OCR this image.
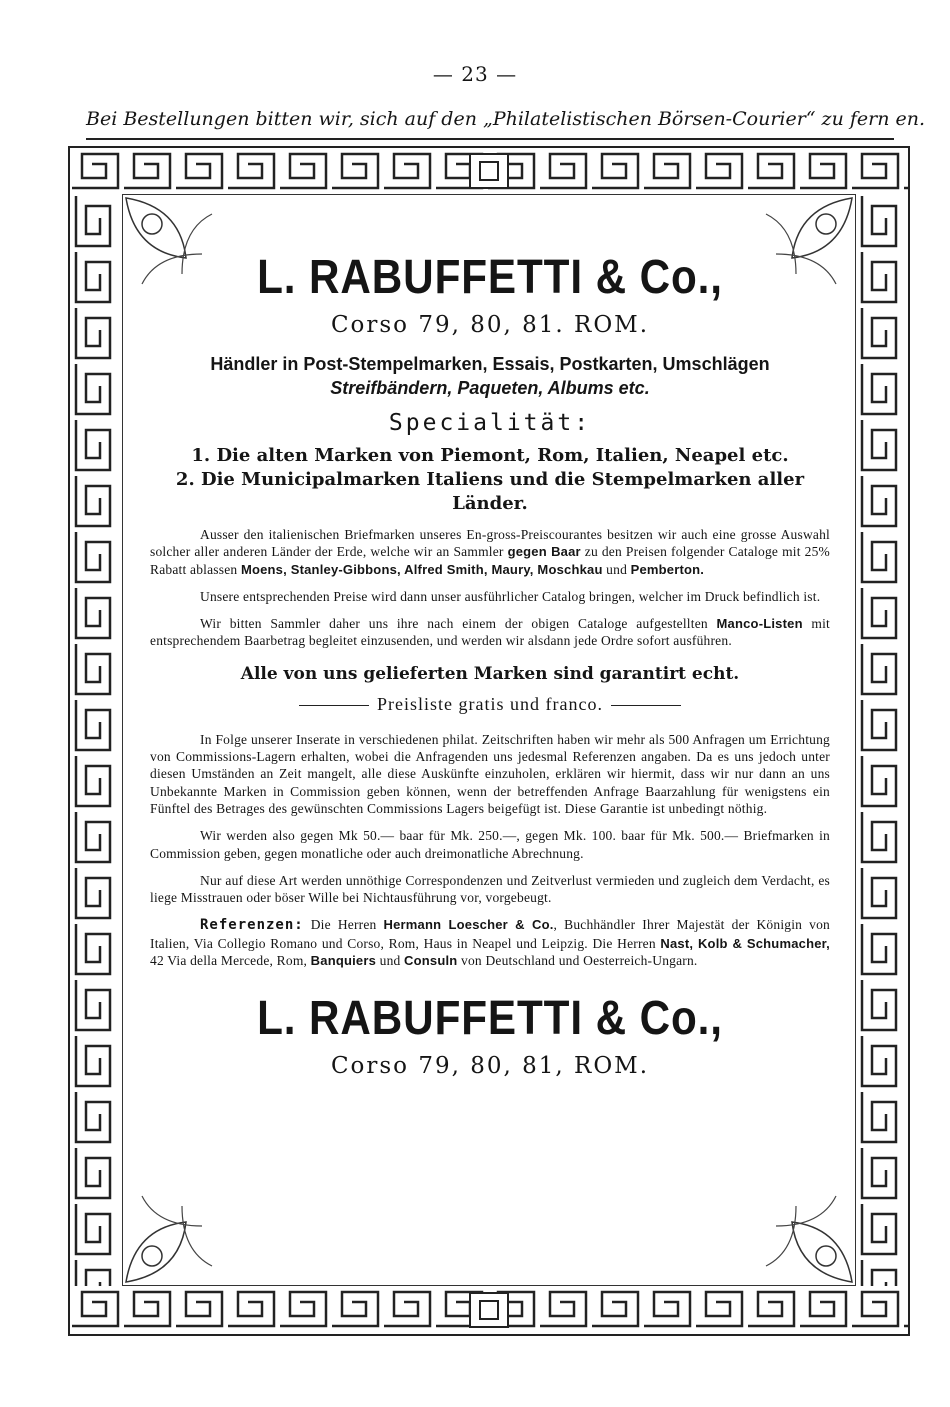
— 23 —
Bei Bestellungen bitten wir, sich auf den „Philatelistischen Börsen-Courier“ zu fern en.
L. RABUFFETTI & Co.,
Corso 79, 80, 81. ROM.
Händler in Post-Stempelmarken, Essais, Postkarten, Umschlägen
Streifbändern, Paqueten, Albums etc.
Specialität:
1. Die alten Marken von Piemont, Rom, Italien, Neapel etc.
2. Die Municipalmarken Italiens und die Stempelmarken aller Länder.

Ausser den italienischen Briefmarken unseres En-gross-Preiscourantes besitzen wir auch eine grosse Auswahl solcher aller anderen Länder der Erde, welche wir an Sammler gegen Baar zu den Preisen folgender Cataloge mit 25% Rabatt ablassen Moens, Stanley-Gibbons, Alfred Smith, Maury, Moschkau und Pemberton.

Unsere entsprechenden Preise wird dann unser ausführlicher Catalog bringen, welcher im Druck befindlich ist.

Wir bitten Sammler daher uns ihre nach einem der obigen Cataloge aufgestellten Manco-Listen mit entsprechendem Baarbetrag begleitet einzusenden, und werden wir alsdann jede Ordre sofort ausführen.

Alle von uns gelieferten Marken sind garantirt echt.
Preisliste gratis und franco.

In Folge unserer Inserate in verschiedenen philat. Zeitschriften haben wir mehr als 500 Anfragen um Errichtung von Commissions-Lagern erhalten, wobei die Anfragenden uns jedesmal Referenzen angaben. Da es uns jedoch unter diesen Umständen an Zeit mangelt, alle diese Auskünfte einzuholen, erklären wir hiermit, dass wir nur dann an uns Unbekannte Marken in Commission geben können, wenn der betreffenden Anfrage Baarzahlung für wenigstens ein Fünftel des Betrages des gewünschten Commissions Lagers beigefügt ist. Diese Garantie ist unbedingt nöthig.

Wir werden also gegen Mk 50.— baar für Mk. 250.—, gegen Mk. 100. baar für Mk. 500.— Briefmarken in Commission geben, gegen monatliche oder auch dreimonatliche Abrechnung.

Nur auf diese Art werden unnöthige Correspondenzen und Zeitverlust vermieden und zugleich dem Verdacht, es liege Misstrauen oder böser Wille bei Nichtausführung vor, vorgebeugt.

Referenzen: Die Herren Hermann Loescher & Co., Buchhändler Ihrer Majestät der Königin von Italien, Via Collegio Romano und Corso, Rom, Haus in Neapel und Leipzig. Die Herren Nast, Kolb & Schumacher, 42 Via della Mercede, Rom, Banquiers und Consuln von Deutschland und Oesterreich-Ungarn.

L. RABUFFETTI & Co.,
Corso 79, 80, 81, ROM.
